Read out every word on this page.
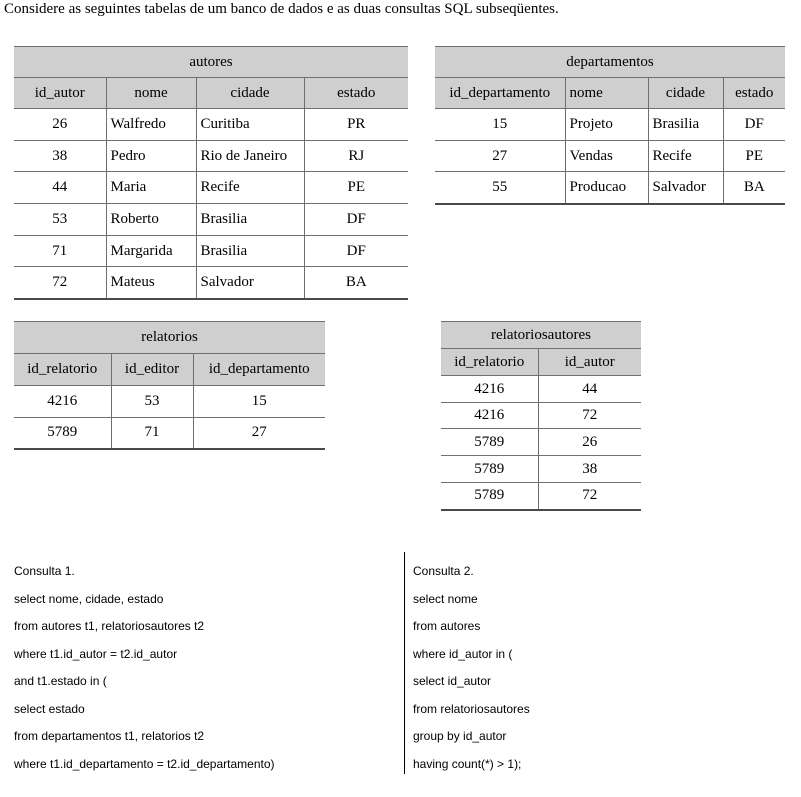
Considere as seguintes tabelas de um banco de dados e as duas consultas SQL subseqüentes.
autores			
id_autor	nome	cidade	estado
26	Walfredo	Curitiba	PR
38	Pedro	Rio de Janeiro	RJ
44	Maria	Recife	PE
53	Roberto	Brasilia	DF
71	Margarida	Brasilia	DF
72	Mateus	Salvador	BA
departamentos			
id_departamento	nome	cidade	estado
15	Projeto	Brasilia	DF
27	Vendas	Recife	PE
55	Producao	Salvador	BA
relatorios		
id_relatorio	id_editor	id_departamento
4216	53	15
5789	71	27
relatoriosautores	
id_relatorio	id_autor
4216	44
4216	72
5789	26
5789	38
5789	72
Consulta 1.
select nome, cidade, estado
from autores t1, relatoriosautores t2
where t1.id_autor = t2.id_autor
and t1.estado in (
select estado
from departamentos t1, relatorios t2
where t1.id_departamento = t2.id_departamento)
Consulta 2.
select nome
from autores
where id_autor in (
select id_autor
from relatoriosautores
group by id_autor
having count(*) > 1);
